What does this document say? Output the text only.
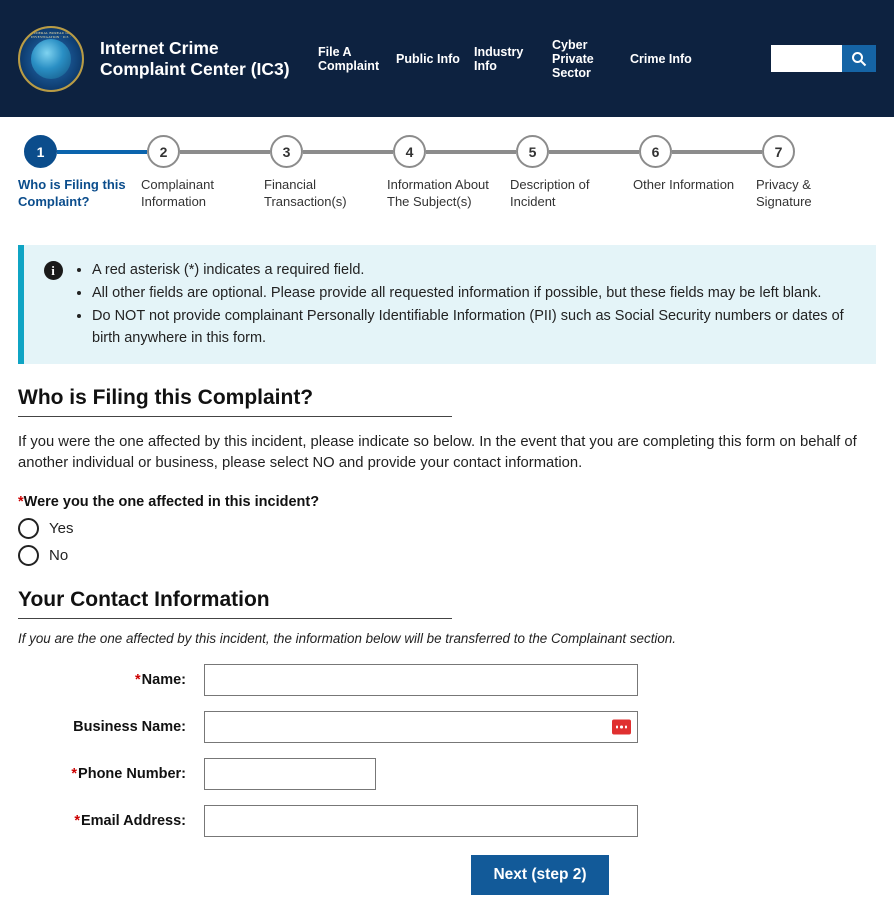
FEDERAL BUREAU OF INVESTIGATION · IC3 ·
Internet Crime Complaint Center (IC3)
File A Complaint	Public Info	Industry Info
Cyber Private Sector
Crime Info
1
Who is Filing this Complaint?
2
Complainant Information
3
Financial Transaction(s)
4
Information About The Subject(s)
5
Description of Incident
6
Other Information
7
Privacy & Signature
i	• A red asterisk (*) indicates a required field.
• All other fields are optional. Please provide all requested information if possible, but these fields may be left blank.
• Do NOT not provide complainant Personally Identifiable Information (PII) such as Social Security numbers or dates of birth anywhere in this form.
Who is Filing this Complaint?

If you were the one affected by this incident, please indicate so below. In the event that you are completing this form on behalf of another individual or business, please select NO and provide your contact information.

*Were you the one affected in this incident?
Yes
No
Your Contact Information

If you are the one affected by this incident, the information below will be transferred to the Complainant section.

*Name:
Business Name:
*Phone Number:
*Email Address:
Next (step 2)
